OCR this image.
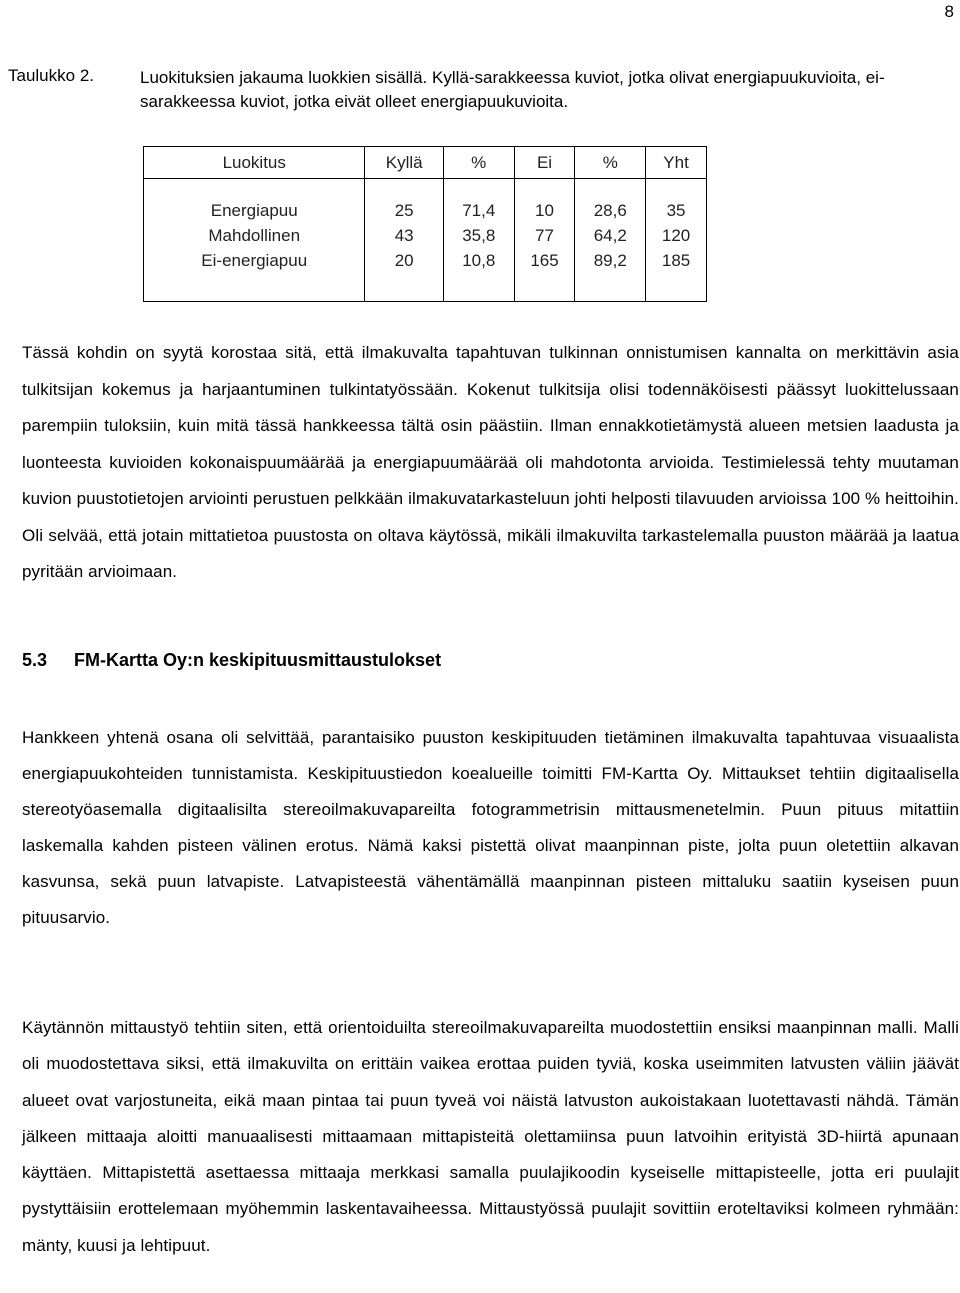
8
Taulukko 2.	Luokituksien jakauma luokkien sisällä. Kyllä-sarakkeessa kuviot, jotka olivat energiapuukuvioita, ei-sarakkeessa kuviot, jotka eivät olleet energiapuukuvioita.
Luokitus	Kyllä	%	Ei	%	Yht
Energiapuu	25	71,4	10	28,6	35
Mahdollinen	43	35,8	77	64,2	120
Ei-energiapuu	20	10,8	165	89,2	185

Tässä kohdin on syytä korostaa sitä, että ilmakuvalta tapahtuvan tulkinnan onnistumisen kannalta on merkittävin asia tulkitsijan kokemus ja harjaantuminen tulkintatyössään. Kokenut tulkitsija olisi todennäköisesti päässyt luokittelussaan parempiin tuloksiin, kuin mitä tässä hankkeessa tältä osin päästiin. Ilman ennakkotietämystä alueen metsien laadusta ja luonteesta kuvioiden kokonaispuumäärää ja energiapuumäärää oli mahdotonta arvioida. Testimielessä tehty muutaman kuvion puustotietojen arviointi perustuen pelkkään ilmakuvatarkasteluun johti helposti tilavuuden arvioissa 100 % heittoihin. Oli selvää, että jotain mittatietoa puustosta on oltava käytössä, mikäli ilmakuvilta tarkastelemalla puuston määrää ja laatua pyritään arvioimaan.

5.3 FM-Kartta Oy:n keskipituusmittaustulokset

Hankkeen yhtenä osana oli selvittää, parantaisiko puuston keskipituuden tietäminen ilmakuvalta tapahtuvaa visuaalista energiapuukohteiden tunnistamista. Keskipituustiedon koealueille toimitti FM-Kartta Oy. Mittaukset tehtiin digitaalisella stereotyöasemalla digitaalisilta stereoilmakuvapareilta fotogrammetrisin mittausmenetelmin. Puun pituus mitattiin laskemalla kahden pisteen välinen erotus. Nämä kaksi pistettä olivat maanpinnan piste, jolta puun oletettiin alkavan kasvunsa, sekä puun latvapiste. Latvapisteestä vähentämällä maanpinnan pisteen mittaluku saatiin kyseisen puun pituusarvio.

Käytännön mittaustyö tehtiin siten, että orientoiduilta stereoilmakuvapareilta muodostettiin ensiksi maanpinnan malli. Malli oli muodostettava siksi, että ilmakuvilta on erittäin vaikea erottaa puiden tyviä, koska useimmiten latvusten väliin jäävät alueet ovat varjostuneita, eikä maan pintaa tai puun tyveä voi näistä latvuston aukoistakaan luotettavasti nähdä. Tämän jälkeen mittaaja aloitti manuaalisesti mittaamaan mittapisteitä olettamiinsa puun latvoihin erityistä 3D-hiirtä apunaan käyttäen. Mittapistettä asettaessa mittaaja merkkasi samalla puulajikoodin kyseiselle mittapisteelle, jotta eri puulajit pystyttäisiin erottelemaan myöhemmin laskentavaiheessa. Mittaustyössä puulajit sovittiin eroteltaviksi kolmeen ryhmään: mänty, kuusi ja lehtipuut.
